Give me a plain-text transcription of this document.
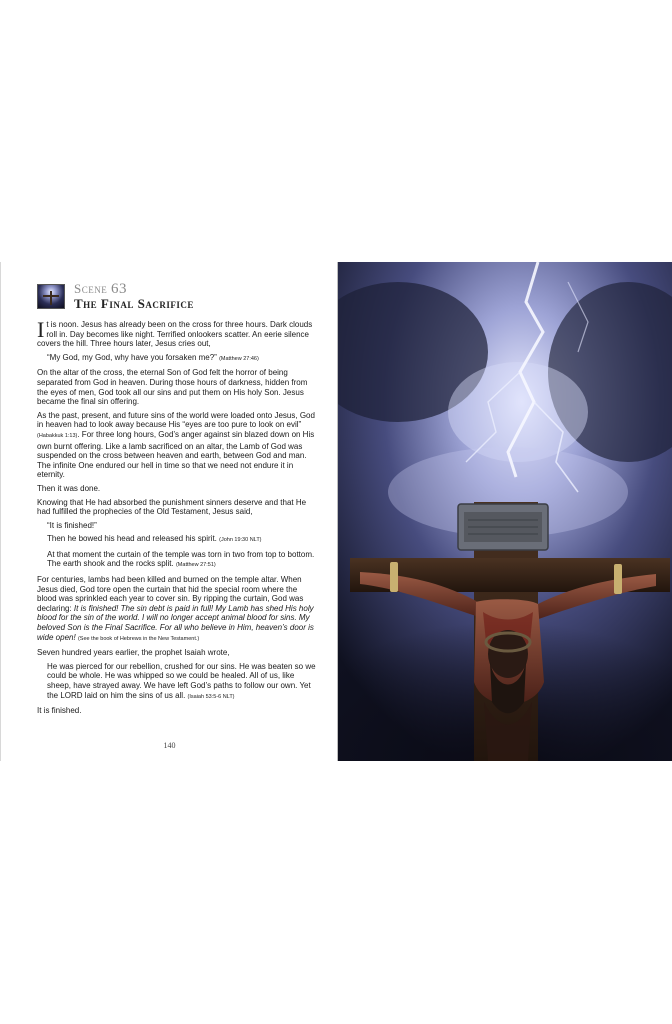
Scene 63
The Final Sacrifice

It is noon. Jesus has already been on the cross for three hours. Dark clouds roll in. Day becomes like night. Terrified onlookers scatter. An eerie silence covers the hill. Three hours later, Jesus cries out,

“My God, my God, why have you forsaken me?” (Matthew 27:46)

On the altar of the cross, the eternal Son of God felt the horror of being separated from God in heaven. During those hours of darkness, hidden from the eyes of men, God took all our sins and put them on His holy Son. Jesus became the final sin offering.

As the past, present, and future sins of the world were loaded onto Jesus, God in heaven had to look away because His “eyes are too pure to look on evil” (Habakkuk 1:13). For three long hours, God’s anger against sin blazed down on His own burnt offering. Like a lamb sacrificed on an altar, the Lamb of God was suspended on the cross between heaven and earth, between God and man. The infinite One endured our hell in time so that we need not endure it in eternity.

Then it was done.

Knowing that He had absorbed the punishment sinners deserve and that He had fulfilled the prophecies of the Old Testament, Jesus said,

“It is finished!”

Then he bowed his head and released his spirit. (John 19:30 NLT)

At that moment the curtain of the temple was torn in two from top to bottom. The earth shook and the rocks split. (Matthew 27:51)

For centuries, lambs had been killed and burned on the temple altar. When Jesus died, God tore open the curtain that hid the special room where the blood was sprinkled each year to cover sin. By ripping the curtain, God was declaring: It is finished! The sin debt is paid in full! My Lamb has shed His holy blood for the sin of the world. I will no longer accept animal blood for sins. My beloved Son is the Final Sacrifice. For all who believe in Him, heaven’s door is wide open! (See the book of Hebrews in the New Testament.)

Seven hundred years earlier, the prophet Isaiah wrote,

He was pierced for our rebellion, crushed for our sins. He was beaten so we could be whole. He was whipped so we could be healed. All of us, like sheep, have strayed away. We have left God’s paths to follow our own. Yet the LORD laid on him the sins of us all. (Isaiah 53:5-6 NLT)

It is finished.

140
